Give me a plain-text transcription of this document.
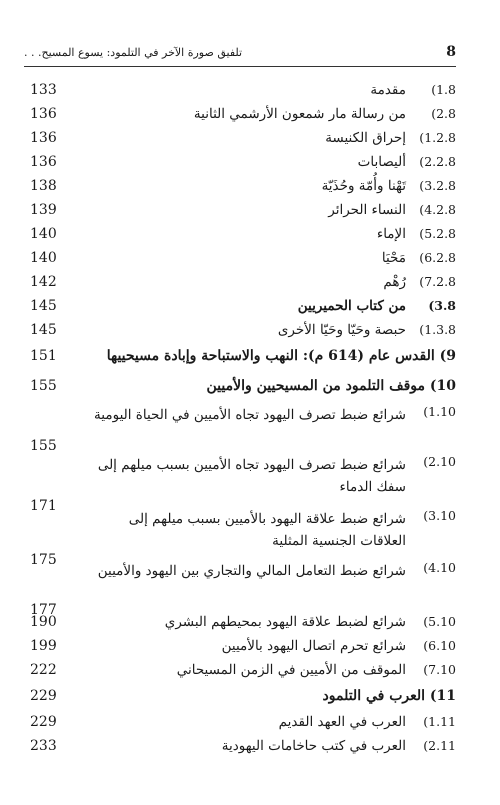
8
تلفيق صورة الآخر في التلمود: يسوع المسيح. . .
1.8)
مقدمة
133
2.8)
من رسالة مار شمعون الأرشمي الثانية
136
1.2.8)
إحراق الكنيسة
136
2.2.8)
أليصابات
136
3.2.8)
تَهْنا وأُمّة وحُذَيّة
138
4.2.8)
النساء الحرائر
139
5.2.8)
الإماء
140
6.2.8)
مَحْيَا
140
7.2.8)
رُهْم
142
3.8)
من كتاب الحميريين
145
1.3.8)
حبصة وحَيّا وحَيّا الأخرى
145
9) القدس عام (614 م): النهب والاستباحة وإبادة مسيحييها
151
10) موقف التلمود من المسيحيين والأميين
155
1.10)
شرائع ضبط تصرف اليهود تجاه الأميين في الحياة اليومية
155
2.10)
شرائع ضبط تصرف اليهود تجاه الأميين بسبب ميلهم إلى سفك الدماء
171
3.10)
شرائع ضبط علاقة اليهود بالأميين بسبب ميلهم إلى العلاقات الجنسية المثلية
175	4.10)
شرائع ضبط التعامل المالي والتجاري بين اليهود والأميين
177
5.10)
شرائع لضبط علاقة اليهود بمحيطهم البشري
190
6.10)
شرائع تحرم اتصال اليهود بالأميين
199
7.10)
الموقف من الأميين في الزمن المسيحاني
222
11) العرب في التلمود
229
1.11)
العرب في العهد القديم
229
2.11)
العرب في كتب حاخامات اليهودية
233
